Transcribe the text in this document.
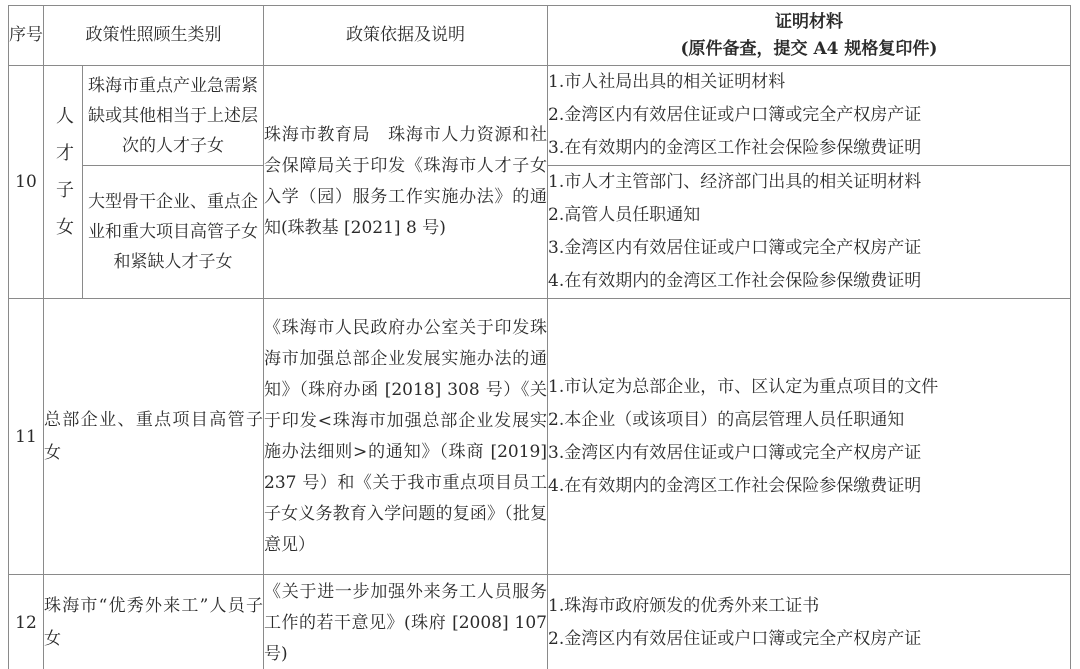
序号	政策性照顾生类别		政策依据及说明	证明材料
(原件备查，提交 A4 规格复印件)

10	人才子女	珠海市重点产业急需紧缺或其他相当于上述层次的人才子女	珠海市教育局　珠海市人力资源和社会保障局关于印发《珠海市人才子女入学（园）服务工作实施办法》的通知(珠教基 [2021] 8 号)	1.市人社局出具的相关证明材料
2.金湾区内有效居住证或户口簿或完全产权房产证
3.在有效期内的金湾区工作社会保险参保缴费证明

		大型骨干企业、重点企业和重大项目高管子女和紧缺人才子女		1.市人才主管部门、经济部门出具的相关证明材料
2.高管人员任职通知
3.金湾区内有效居住证或户口簿或完全产权房产证
4.在有效期内的金湾区工作社会保险参保缴费证明

11	总部企业、重点项目高管子女		《珠海市人民政府办公室关于印发珠海市加强总部企业发展实施办法的通知》（珠府办函 [2018] 308 号）《关于印发<珠海市加强总部企业发展实施办法细则>的通知》（珠商 [2019] 237 号）和《关于我市重点项目员工子女义务教育入学问题的复函》（批复意见）	1.市认定为总部企业，市、区认定为重点项目的文件
2.本企业（或该项目）的高层管理人员任职通知
3.金湾区内有效居住证或户口簿或完全产权房产证
4.在有效期内的金湾区工作社会保险参保缴费证明

12	珠海市“优秀外来工”人员子女		《关于进一步加强外来务工人员服务工作的若干意见》(珠府 [2008] 107 号)	1.珠海市政府颁发的优秀外来工证书
2.金湾区内有效居住证或户口簿或完全产权房产证
